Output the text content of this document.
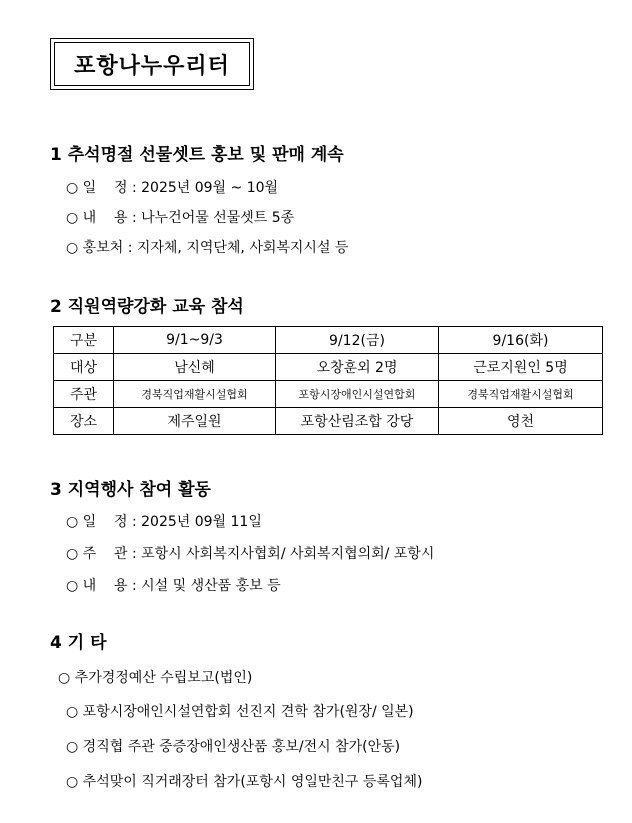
포항나누우리터
1 추석명절 선물셋트 홍보 및 판매 계속
○ 일    정 : 2025년 09월 ~ 10월
○ 내    용 : 나누건어물 선물셋트 5종
○ 홍보처 : 지자체, 지역단체, 사회복지시설 등
2 직원역량강화 교육 참석
구분	9/1~9/3	9/12(금)	9/16(화)
대상	남신혜	오창훈외 2명	근로지원인 5명
주관	경북직업재활시설협회	포항시장애인시설연합회	경북직업재활시설협회
장소	제주일원	포항산림조합 강당	영천
3 지역행사 참여 활동
○ 일    정 : 2025년 09월 11일
○ 주    관 : 포항시 사회복지사협회/ 사회복지협의회/ 포항시
○ 내    용 : 시설 및 생산품 홍보 등
4 기 타
○ 추가경정예산 수립보고(법인)
○ 포항시장애인시설연합회 선진지 견학 참가(원장/ 일본)
○ 경직협 주관 중증장애인생산품 홍보/전시 참가(안동)
○ 추석맞이 직거래장터 참가(포항시 영일만친구 등록업체)
